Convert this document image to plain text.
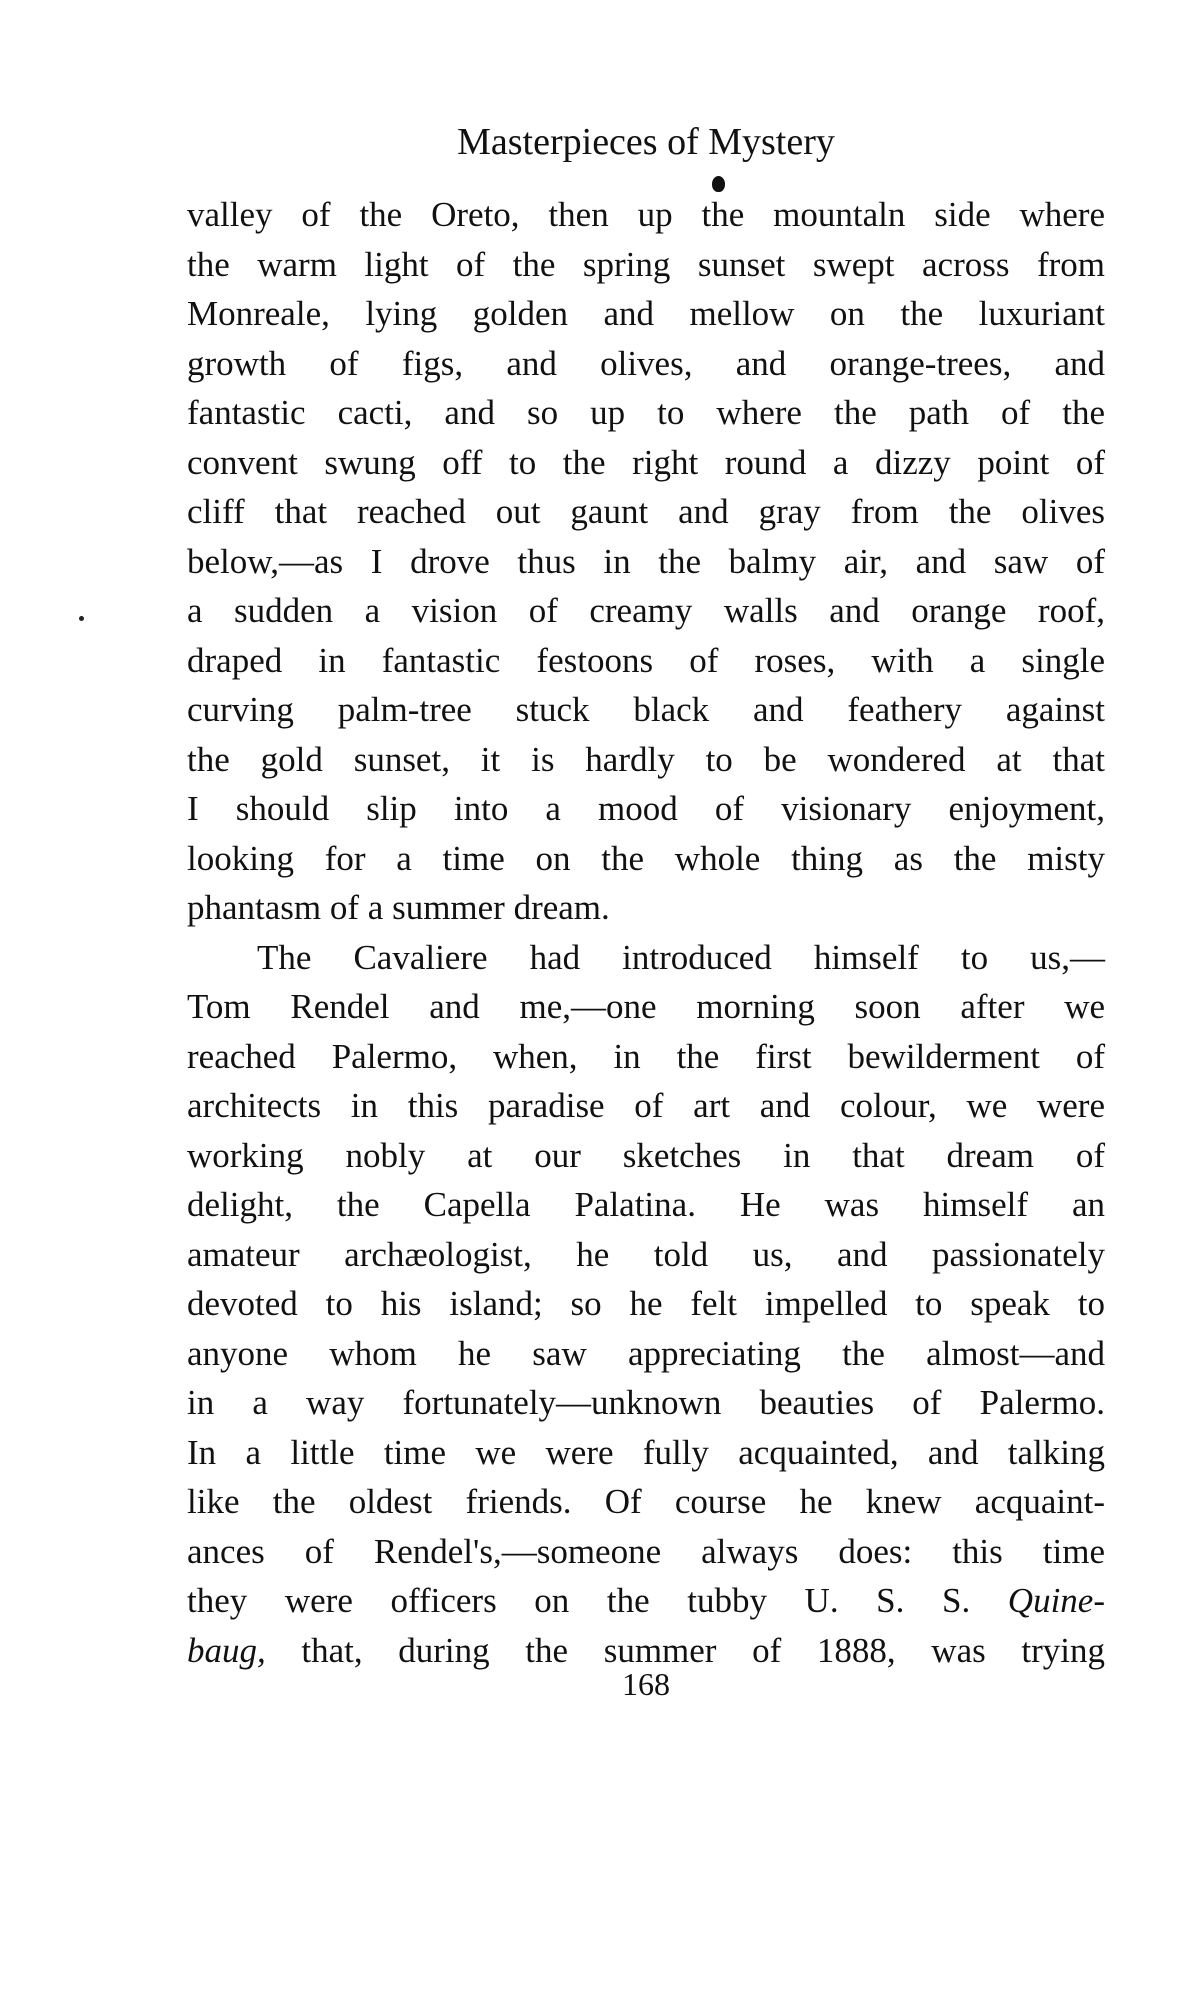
Masterpieces of Mystery
valley of the Oreto, then up the mountaln side where
the warm light of the spring sunset swept across from
Monreale, lying golden and mellow on the luxuriant
growth of figs, and olives, and orange-trees, and
fantastic cacti, and so up to where the path of the
convent swung off to the right round a dizzy point of
cliff that reached out gaunt and gray from the olives
below,—as I drove thus in the balmy air, and saw of
a sudden a vision of creamy walls and orange roof,
draped in fantastic festoons of roses, with a single
curving palm-tree stuck black and feathery against
the gold sunset, it is hardly to be wondered at that
I should slip into a mood of visionary enjoyment,
looking for a time on the whole thing as the misty
phantasm of a summer dream.
The Cavaliere had introduced himself to us,—
Tom Rendel and me,—one morning soon after we
reached Palermo, when, in the first bewilderment of
architects in this paradise of art and colour, we were
working nobly at our sketches in that dream of
delight, the Capella Palatina. He was himself an
amateur archæologist, he told us, and passionately
devoted to his island; so he felt impelled to speak to
anyone whom he saw appreciating the almost—and
in a way fortunately—unknown beauties of Palermo.
In a little time we were fully acquainted, and talking
like the oldest friends. Of course he knew acquaint-
ances of Rendel's,—someone always does: this time
they were officers on the tubby U. S. S. Quine-
baug, that, during the summer of 1888, was trying
168
